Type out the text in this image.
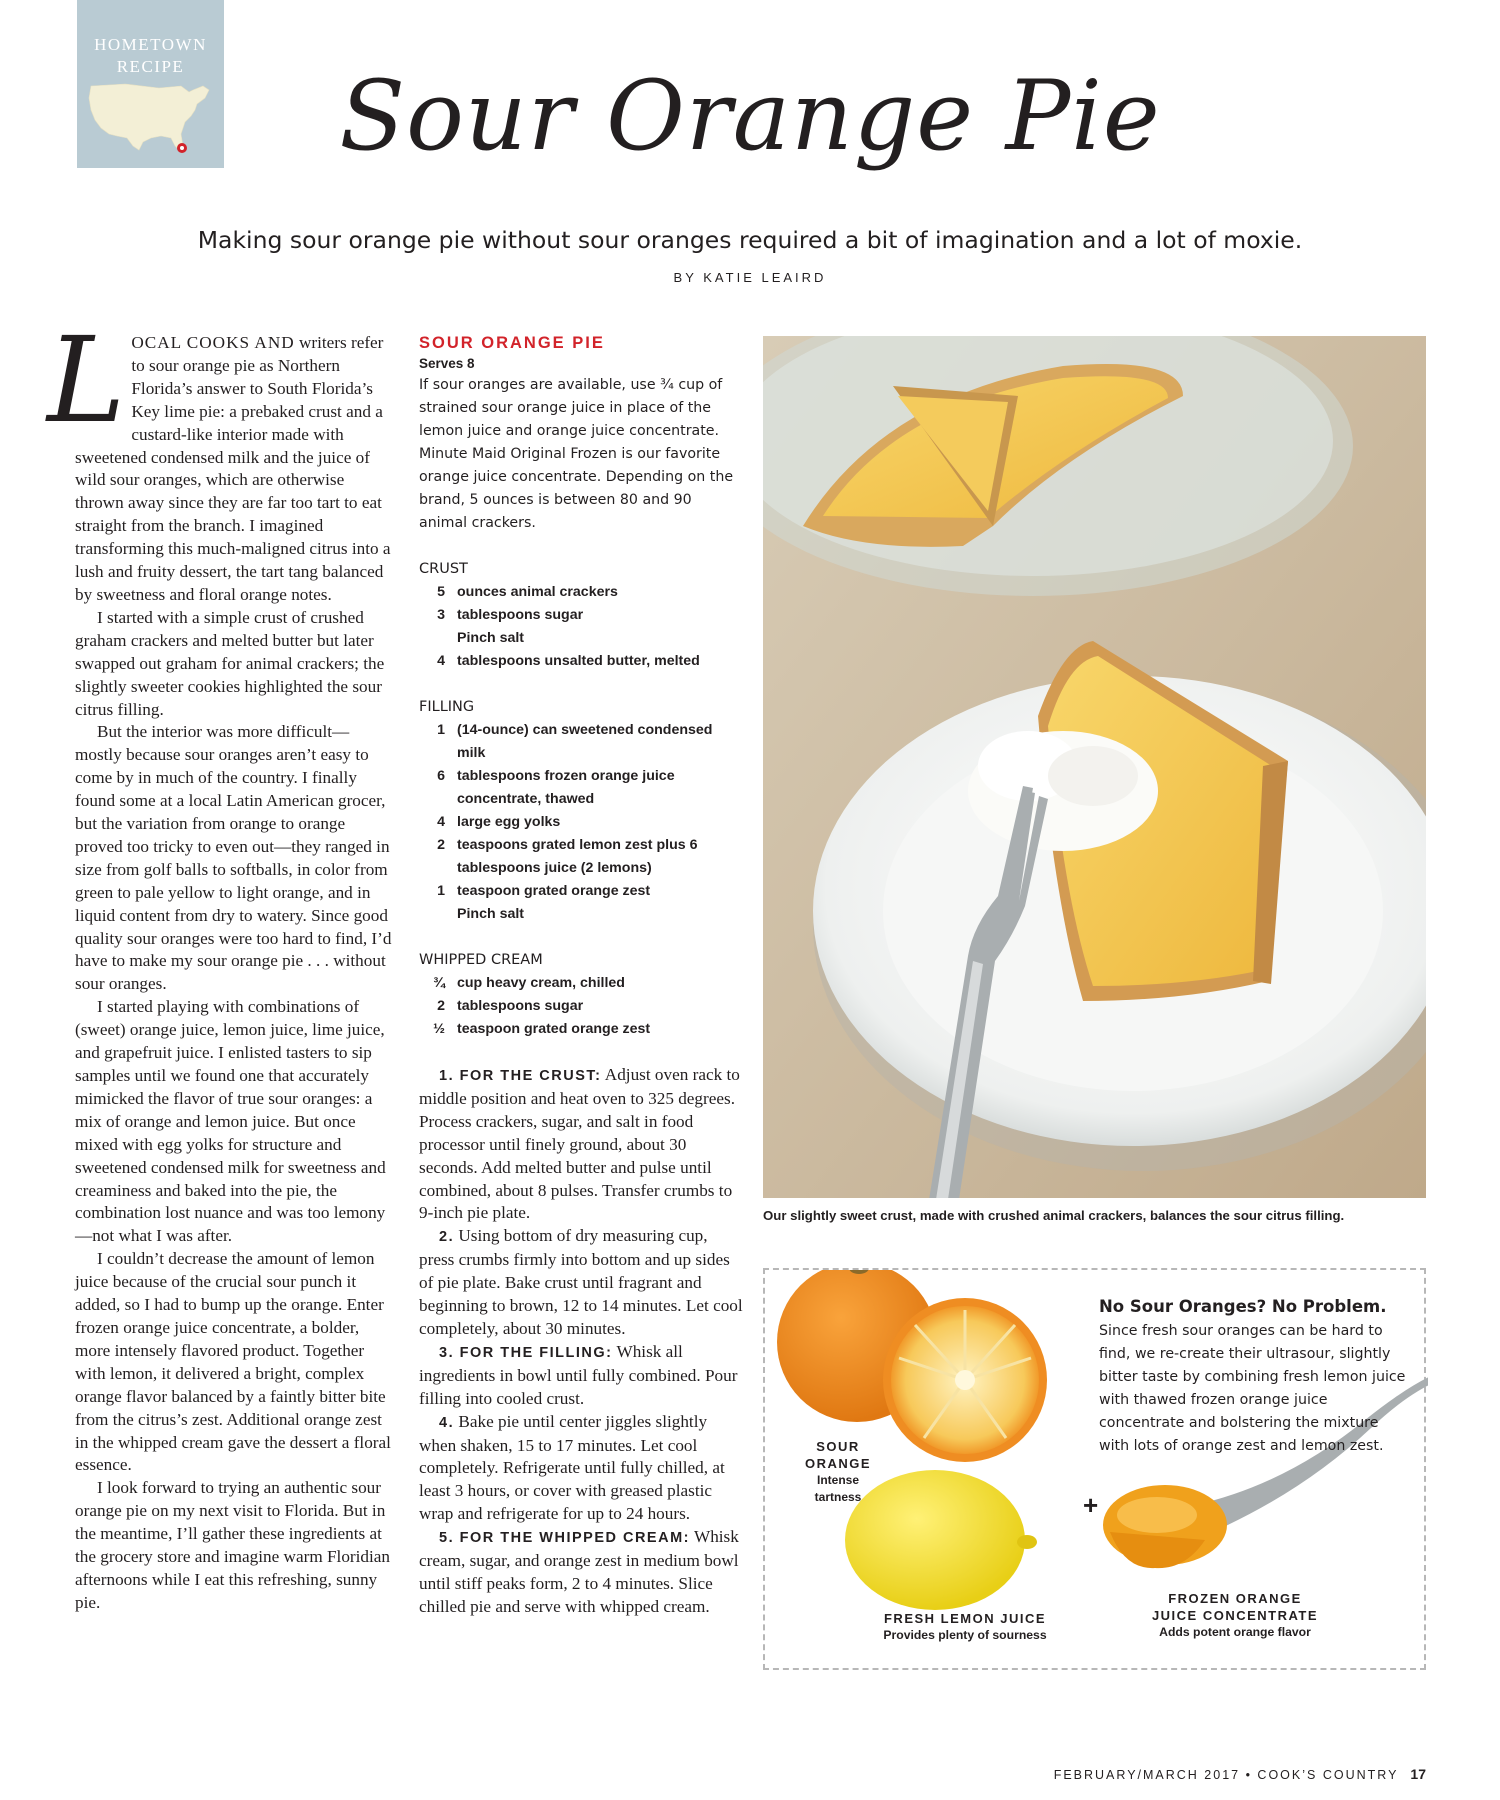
HOMETOWN
RECIPE	Sour Orange Pie
Making sour orange pie without sour oranges required a bit of imagination and a lot of moxie.
BY KATIE LEAIRD

LOCAL COOKS AND writers refer to sour orange pie as Northern Florida’s answer to South Florida’s Key lime pie: a prebaked crust and a custard-like interior made with sweetened condensed milk and the juice of wild sour oranges, which are otherwise thrown away since they are far too tart to eat straight from the branch. I imagined transforming this much-maligned citrus into a lush and fruity dessert, the tart tang balanced by sweetness and floral orange notes.

I started with a simple crust of crushed graham crackers and melted butter but later swapped out graham for animal crackers; the slightly sweeter cookies highlighted the sour citrus filling.

But the interior was more difficult—mostly because sour oranges aren’t easy to come by in much of the country. I finally found some at a local Latin American grocer, but the variation from orange to orange proved too tricky to even out—they ranged in size from golf balls to softballs, in color from green to pale yellow to light orange, and in liquid content from dry to watery. Since good quality sour oranges were too hard to find, I’d have to make my sour orange pie . . . without sour oranges.

I started playing with combinations of (sweet) orange juice, lemon juice, lime juice, and grapefruit juice. I enlisted tasters to sip samples until we found one that accurately mimicked the flavor of true sour oranges: a mix of orange and lemon juice. But once mixed with egg yolks for structure and sweetened condensed milk for sweetness and creaminess and baked into the pie, the combination lost nuance and was too lemony—not what I was after.

I couldn’t decrease the amount of lemon juice because of the crucial sour punch it added, so I had to bump up the orange. Enter frozen orange juice concentrate, a bolder, more intensely flavored product. Together with lemon, it delivered a bright, complex orange flavor balanced by a faintly bitter bite from the citrus’s zest. Additional orange zest in the whipped cream gave the dessert a floral essence.

I look forward to trying an authentic sour orange pie on my next visit to Florida. But in the meantime, I’ll gather these ingredients at the grocery store and imagine warm Floridian afternoons while I eat this refreshing, sunny pie.

SOUR ORANGE PIE
Serves 8
If sour oranges are available, use ¾ cup of strained sour orange juice in place of the lemon juice and orange juice concentrate. Minute Maid Original Frozen is our favorite orange juice concentrate. Depending on the brand, 5 ounces is between 80 and 90 animal crackers.
CRUST
5 ounces animal crackers
3 tablespoons sugar
Pinch salt
4 tablespoons unsalted butter, melted
FILLING
1 (14-ounce) can sweetened condensed milk
6 tablespoons frozen orange juice concentrate, thawed
4 large egg yolks
2 teaspoons grated lemon zest plus 6 tablespoons juice (2 lemons)
1 teaspoon grated orange zest
Pinch salt
WHIPPED CREAM
¾ cup heavy cream, chilled
2 tablespoons sugar
½ teaspoon grated orange zest

1. FOR THE CRUST: Adjust oven rack to middle position and heat oven to 325 degrees. Process crackers, sugar, and salt in food processor until finely ground, about 30 seconds. Add melted butter and pulse until combined, about 8 pulses. Transfer crumbs to 9-inch pie plate.

2. Using bottom of dry measuring cup, press crumbs firmly into bottom and up sides of pie plate. Bake crust until fragrant and beginning to brown, 12 to 14 minutes. Let cool completely, about 30 minutes.

3. FOR THE FILLING: Whisk all ingredients in bowl until fully combined. Pour filling into cooled crust.

4. Bake pie until center jiggles slightly when shaken, 15 to 17 minutes. Let cool completely. Refrigerate until fully chilled, at least 3 hours, or cover with greased plastic wrap and refrigerate for up to 24 hours.

5. FOR THE WHIPPED CREAM: Whisk cream, sugar, and orange zest in medium bowl until stiff peaks form, 2 to 4 minutes. Slice chilled pie and serve with whipped cream.

Our slightly sweet crust, made with crushed animal crackers, balances the sour citrus filling.
No Sour Oranges? No Problem.
Since fresh sour oranges can be hard to find, we re-create their ultrasour, slightly bitter taste by combining fresh lemon juice with thawed frozen orange juice concentrate and bolstering the mixture with lots of orange zest and lemon zest.
SOUR
ORANGE
Intense
tartness	+
FRESH LEMON JUICE
Provides plenty of sourness
FROZEN ORANGE
JUICE CONCENTRATE
Adds potent orange flavor
FEBRUARY/MARCH 2017 • COOK’S COUNTRY 17
